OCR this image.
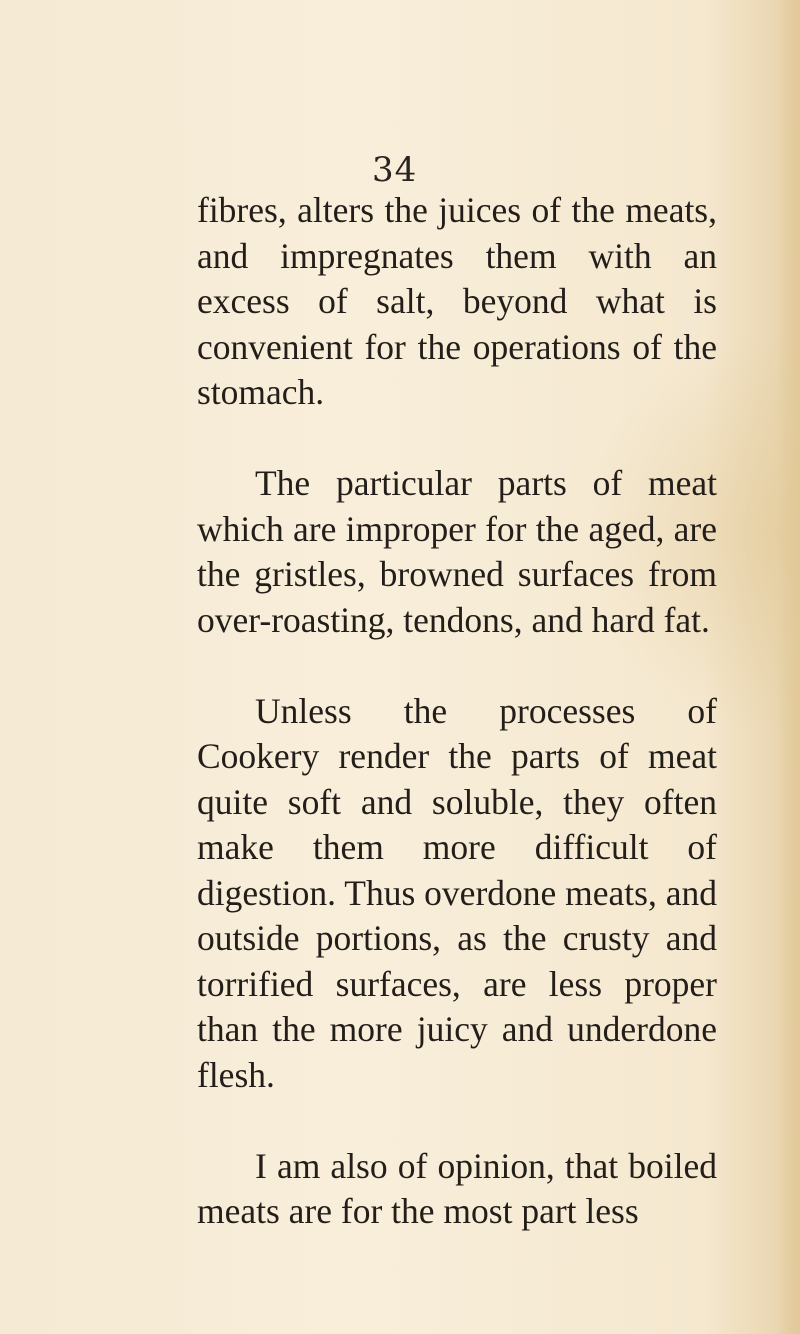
34

fibres, alters the juices of the meats, and impregnates them with an excess of salt, beyond what is convenient for the operations of the stomach.

The particular parts of meat which are improper for the aged, are the gristles, browned surfaces from over-roasting, tendons, and hard fat.

Unless the processes of Cookery render the parts of meat quite soft and soluble, they often make them more difficult of digestion. Thus overdone meats, and outside portions, as the crusty and torrified surfaces, are less proper than the more juicy and underdone flesh.

I am also of opinion, that boiled meats are for the most part less
